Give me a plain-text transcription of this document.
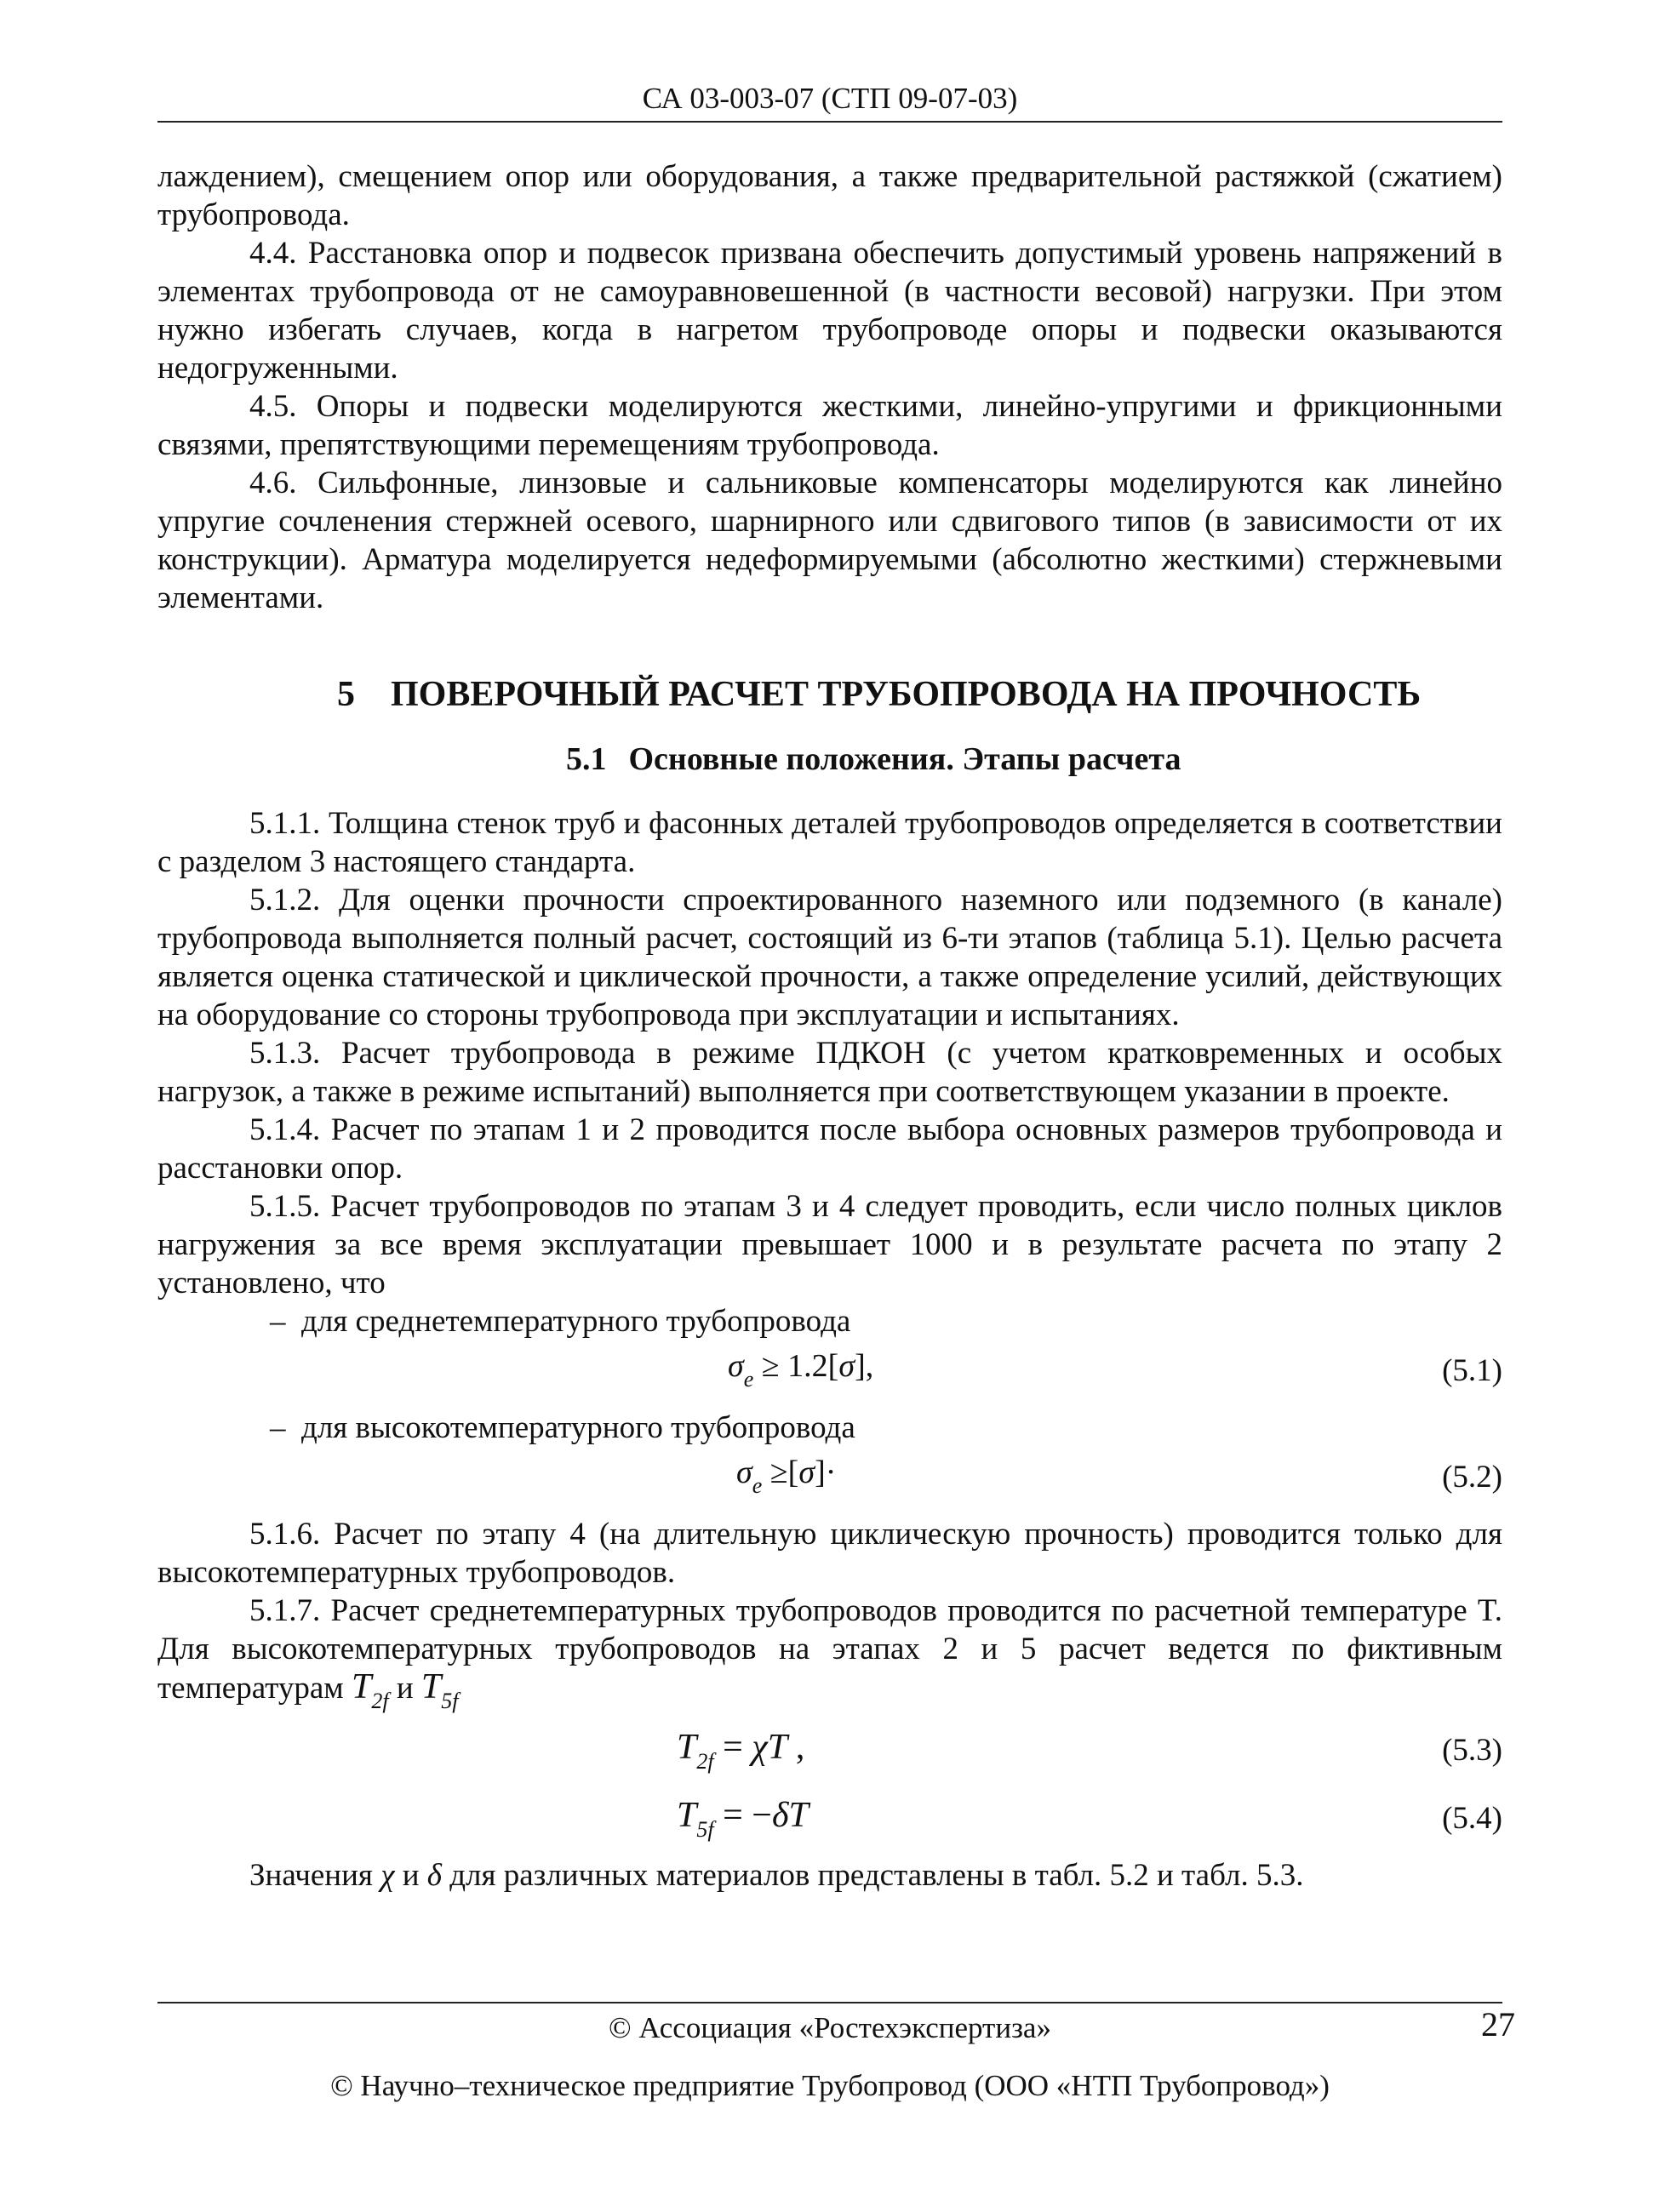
СА 03-003-07 (СТП 09-07-03)

лаждением), смещением опор или оборудования, а также предварительной растяжкой (сжатием) трубопровода.

4.4. Расстановка опор и подвесок призвана обеспечить допустимый уровень напряжений в элементах трубопровода от не самоуравновешенной (в частности весовой) нагрузки. При этом нужно избегать случаев, когда в нагретом трубопроводе опоры и подвески оказываются недогруженными.

4.5. Опоры и подвески моделируются жесткими, линейно-упругими и фрикционными связями, препятствующими перемещениям трубопровода.

4.6. Сильфонные, линзовые и сальниковые компенсаторы моделируются как линейно упругие сочленения стержней осевого, шарнирного или сдвигового типов (в зависимости от их конструкции). Арматура моделируется недеформируемыми (абсолютно жесткими) стержневыми элементами.

5 ПОВЕРОЧНЫЙ РАСЧЕТ ТРУБОПРОВОДА НА ПРОЧНОСТЬ
5.1 Основные положения. Этапы расчета

5.1.1. Толщина стенок труб и фасонных деталей трубопроводов определяется в соответствии с разделом 3 настоящего стандарта.

5.1.2. Для оценки прочности спроектированного наземного или подземного (в канале) трубопровода выполняется полный расчет, состоящий из 6-ти этапов (таблица 5.1). Целью расчета является оценка статической и циклической прочности, а также определение усилий, действующих на оборудование со стороны трубопровода при эксплуатации и испытаниях.

5.1.3. Расчет трубопровода в режиме ПДКОН (с учетом кратковременных и особых нагрузок, а также в режиме испытаний) выполняется при соответствующем указании в проекте.

5.1.4. Расчет по этапам 1 и 2 проводится после выбора основных размеров трубопровода и расстановки опор.

5.1.5. Расчет трубопроводов по этапам 3 и 4 следует проводить, если число полных циклов нагружения за все время эксплуатации превышает 1000 и в результате расчета по этапу 2 установлено, что

–  для среднетемпературного трубопровода
$\sigma_e \ge 1.2[\sigma]$,	(5.1)
–  для высокотемпературного трубопровода
$\sigma_e \ge[\sigma]\cdot$	(5.2)

5.1.6. Расчет по этапу 4 (на длительную циклическую прочность) проводится только для высокотемпературных трубопроводов.

5.1.7. Расчет среднетемпературных трубопроводов проводится по расчетной температуре T. Для высокотемпературных трубопроводов на этапах 2 и 5 расчет ведется по фиктивным температурам $T_{2f}$ и $T_{5f}$

$T_{2f} = \chi T$ ,	(5.3)
$T_{5f} = -\delta T$	(5.4)

Значения χ и δ для различных материалов представлены в табл. 5.2 и табл. 5.3.

© Ассоциация «Ростехэкспертиза»	27
© Научно–техническое предприятие Трубопровод (ООО «НТП Трубопровод»)
